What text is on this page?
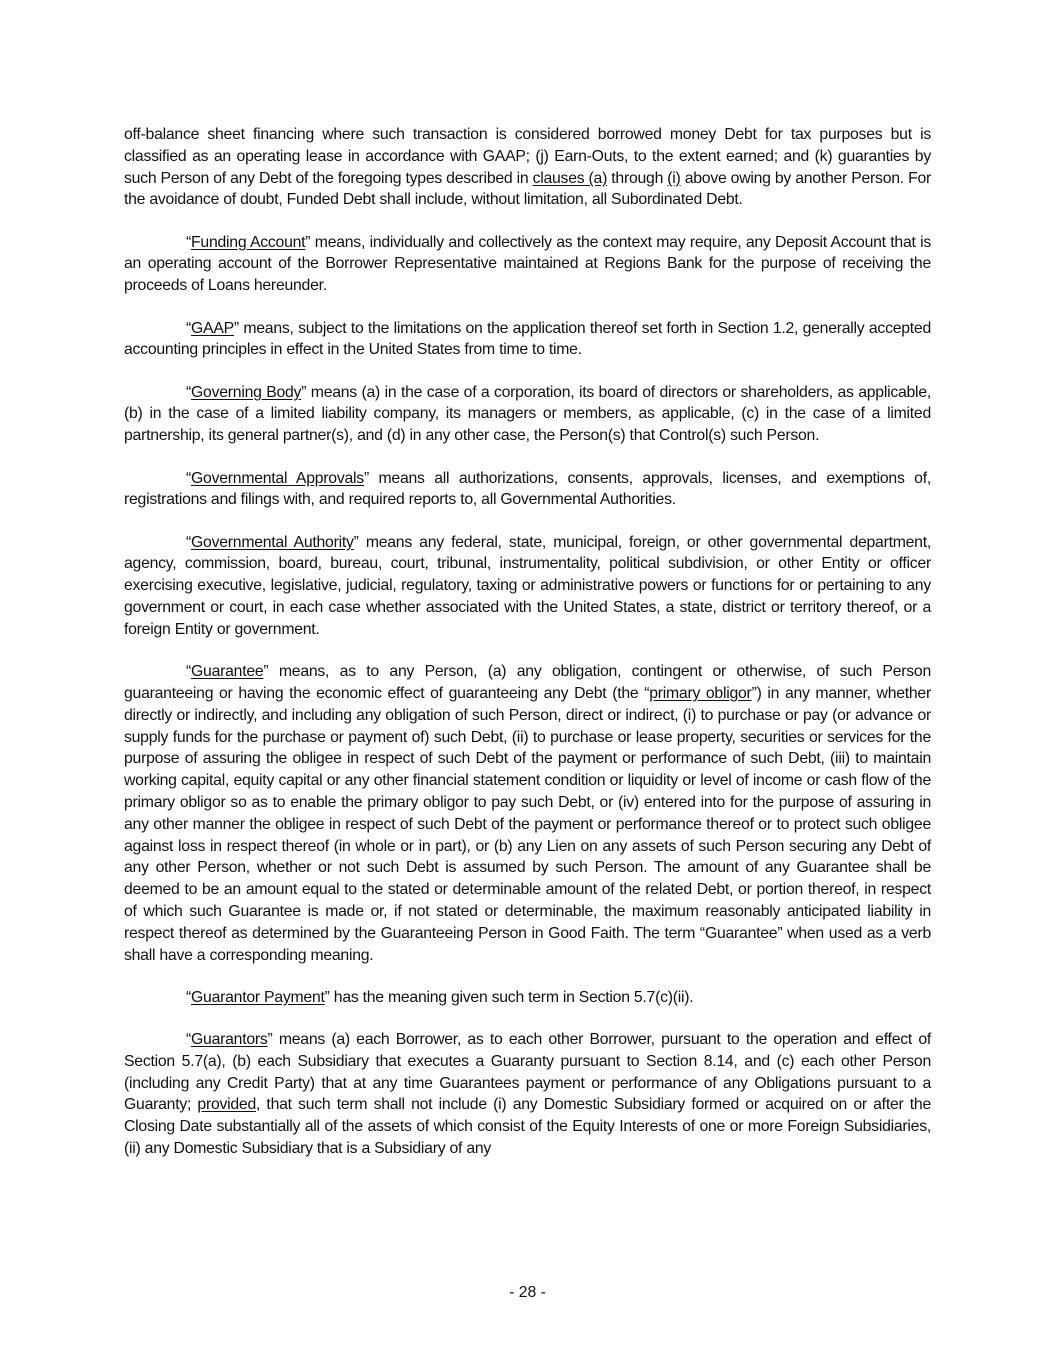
off-balance sheet financing where such transaction is considered borrowed money Debt for tax purposes but is classified as an operating lease in accordance with GAAP; (j) Earn-Outs, to the extent earned; and (k) guaranties by such Person of any Debt of the foregoing types described in clauses (a) through (i) above owing by another Person. For the avoidance of doubt, Funded Debt shall include, without limitation, all Subordinated Debt.

“Funding Account” means, individually and collectively as the context may require, any Deposit Account that is an operating account of the Borrower Representative maintained at Regions Bank for the purpose of receiving the proceeds of Loans hereunder.

“GAAP” means, subject to the limitations on the application thereof set forth in Section 1.2, generally accepted accounting principles in effect in the United States from time to time.

“Governing Body” means (a) in the case of a corporation, its board of directors or shareholders, as applicable, (b) in the case of a limited liability company, its managers or members, as applicable, (c) in the case of a limited partnership, its general partner(s), and (d) in any other case, the Person(s) that Control(s) such Person.

“Governmental Approvals” means all authorizations, consents, approvals, licenses, and exemptions of, registrations and filings with, and required reports to, all Governmental Authorities.

“Governmental Authority” means any federal, state, municipal, foreign, or other governmental department, agency, commission, board, bureau, court, tribunal, instrumentality, political subdivision, or other Entity or officer exercising executive, legislative, judicial, regulatory, taxing or administrative powers or functions for or pertaining to any government or court, in each case whether associated with the United States, a state, district or territory thereof, or a foreign Entity or government.

“Guarantee” means, as to any Person, (a) any obligation, contingent or otherwise, of such Person guaranteeing or having the economic effect of guaranteeing any Debt (the “primary obligor”) in any manner, whether directly or indirectly, and including any obligation of such Person, direct or indirect, (i) to purchase or pay (or advance or supply funds for the purchase or payment of) such Debt, (ii) to purchase or lease property, securities or services for the purpose of assuring the obligee in respect of such Debt of the payment or performance of such Debt, (iii) to maintain working capital, equity capital or any other financial statement condition or liquidity or level of income or cash flow of the primary obligor so as to enable the primary obligor to pay such Debt, or (iv) entered into for the purpose of assuring in any other manner the obligee in respect of such Debt of the payment or performance thereof or to protect such obligee against loss in respect thereof (in whole or in part), or (b) any Lien on any assets of such Person securing any Debt of any other Person, whether or not such Debt is assumed by such Person. The amount of any Guarantee shall be deemed to be an amount equal to the stated or determinable amount of the related Debt, or portion thereof, in respect of which such Guarantee is made or, if not stated or determinable, the maximum reasonably anticipated liability in respect thereof as determined by the Guaranteeing Person in Good Faith. The term “Guarantee” when used as a verb shall have a corresponding meaning.

“Guarantor Payment” has the meaning given such term in Section 5.7(c)(ii).

“Guarantors” means (a) each Borrower, as to each other Borrower, pursuant to the operation and effect of Section 5.7(a), (b) each Subsidiary that executes a Guaranty pursuant to Section 8.14, and (c) each other Person (including any Credit Party) that at any time Guarantees payment or performance of any Obligations pursuant to a Guaranty; provided, that such term shall not include (i) any Domestic Subsidiary formed or acquired on or after the Closing Date substantially all of the assets of which consist of the Equity Interests of one or more Foreign Subsidiaries, (ii) any Domestic Subsidiary that is a Subsidiary of any

- 28 -
